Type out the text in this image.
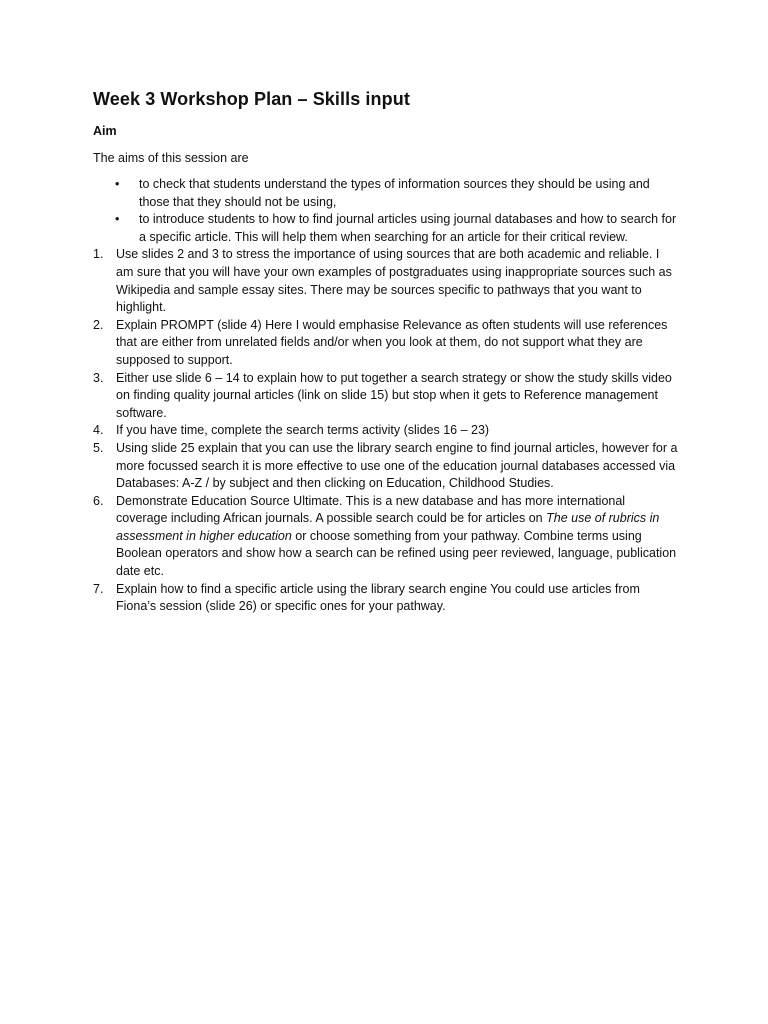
Week 3 Workshop Plan – Skills input
Aim

The aims of this session are

• to check that students understand the types of information sources they should be using and those that they should not be using,
• to introduce students to how to find journal articles using journal databases and how to search for a specific article. This will help them when searching for an article for their critical review.
1. Use slides 2 and 3 to stress the importance of using sources that are both academic and reliable. I am sure that you will have your own examples of postgraduates using inappropriate sources such as Wikipedia and sample essay sites. There may be sources specific to pathways that you want to highlight.
2. Explain PROMPT (slide 4) Here I would emphasise Relevance as often students will use references that are either from unrelated fields and/or when you look at them, do not support what they are supposed to support.
3. Either use slide 6 – 14 to explain how to put together a search strategy or show the study skills video on finding quality journal articles (link on slide 15) but stop when it gets to Reference management software.
4. If you have time, complete the search terms activity (slides 16 – 23)
5. Using slide 25 explain that you can use the library search engine to find journal articles, however for a more focussed search it is more effective to use one of the education journal databases accessed via Databases: A-Z / by subject and then clicking on Education, Childhood Studies.
6. Demonstrate Education Source Ultimate. This is a new database and has more international coverage including African journals. A possible search could be for articles on The use of rubrics in assessment in higher education or choose something from your pathway. Combine terms using Boolean operators and show how a search can be refined using peer reviewed, language, publication date etc.
7. Explain how to find a specific article using the library search engine You could use articles from Fiona’s session (slide 26) or specific ones for your pathway.
